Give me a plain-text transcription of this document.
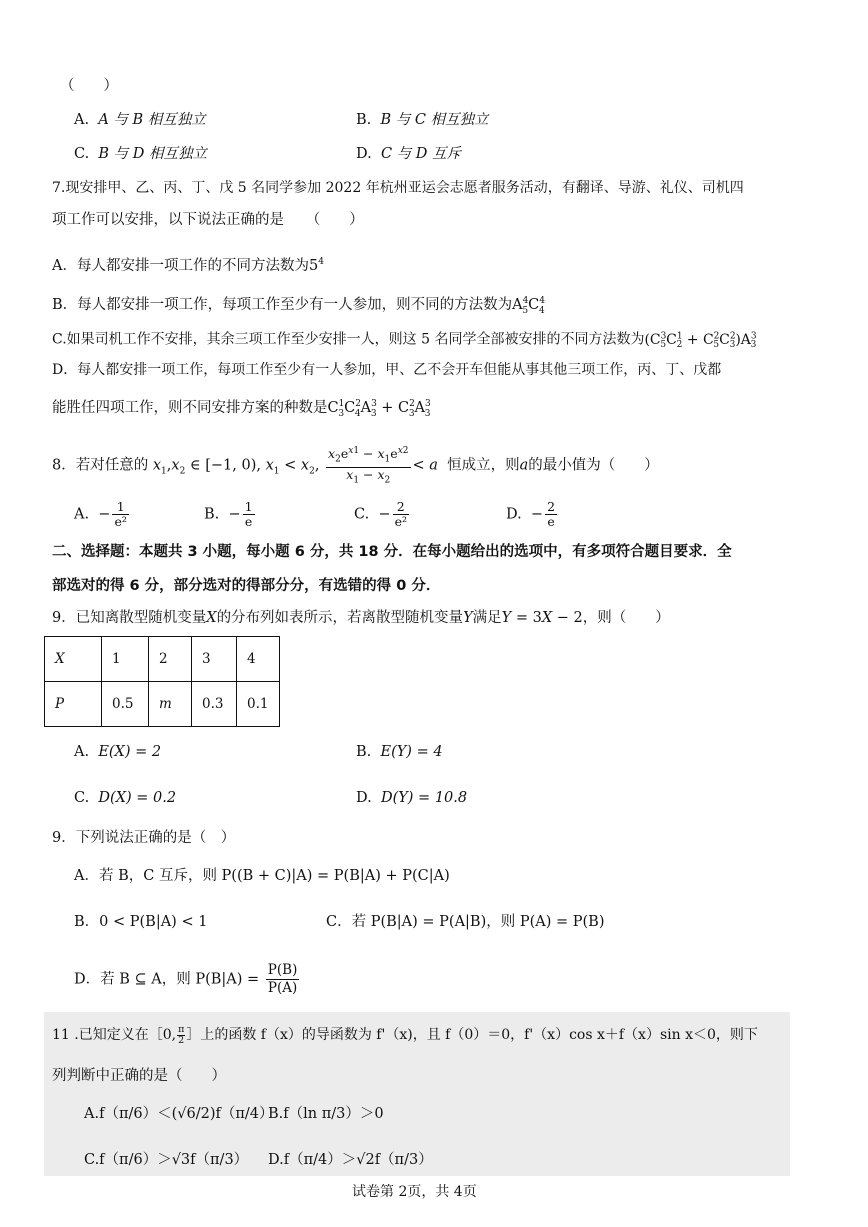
（　　）
A. A 与 B 相互独立	B. B 与 C 相互独立
C. B 与 D 相互独立	D. C 与 D 互斥
7.现安排甲、乙、丙、丁、戊 5 名同学参加 2022 年杭州亚运会志愿者服务活动，有翻译、导游、礼仪、司机四
项工作可以安排，以下说法正确的是　　（　　）
A．每人都安排一项工作的不同方法数为$5^4$
B．每人都安排一项工作，每项工作至少有一人参加，则不同的方法数为$A^4_5C^4_4$
C.如果司机工作不安排，其余三项工作至少安排一人，则这 5 名同学全部被安排的不同方法数为$(C^3_5C^1_2 + C^2_5C^2_3)A^3_3$
D．每人都安排一项工作，每项工作至少有一人参加，甲、乙不会开车但能从事其他三项工作，丙、丁、戊都
能胜任四项工作，则不同安排方案的种数是$C^1_3C^2_4A^3_3 + C^2_3A^3_3$
8．若对任意的 $x_1,x_2$ ∈ [−1, 0), $x_1 < x_2$, $\frac{x_2e^{x1} - x_1e^{x2}}{x_1 - x_2} < a$ 恒成立，则a的最小值为（　　）
A.  − $\frac{1}{\text{e²}}$	B.  − $\frac{1}{e}$	C.  − $\frac{2}{\text{e²}}$	D.  − $\frac{2}{e}$
二、选择题：本题共 3 小题，每小题 6 分，共 18 分．在每小题给出的选项中，有多项符合题目要求．全
部选对的得 6 分，部分选对的得部分分，有选错的得 0 分．
9．已知离散型随机变量X的分布列如表所示，若离散型随机变量Y满足Y = 3X − 2，则（　　）
X	1	2	3	4
P	0.5	m	0.3	0.1
A. E(X) = 2	B. E(Y) = 4
C. D(X) = 0.2	D. D(Y) = 10.8
9．下列说法正确的是（　）
A．若 B，C 互斥，则 P((B + C)|A) = P(B|A) + P(C|A)
B．0 < P(B|A) < 1	C．若 P(B|A) = P(A|B)，则 P(A) = P(B)
D．若 B ⊆ A，则 $P(B|A) = \frac{P(B)}{P(A)}$
11 .已知定义在［0, $\frac{\pi}{2}$ ］上的函数 f（x）的导函数为 f'（x)，且 f（0）＝0，f'（x）cos x＋f（x）sin x＜0，则下
列判断中正确的是（　　）
A.f（π/6）＜(√6/2)f（π/4）
B.f（ln π/3）＞0
C.f（π/6）＞√3f（π/3） D.f（π/4）＞√2f（π/3）
试卷第 2页，共 4页
